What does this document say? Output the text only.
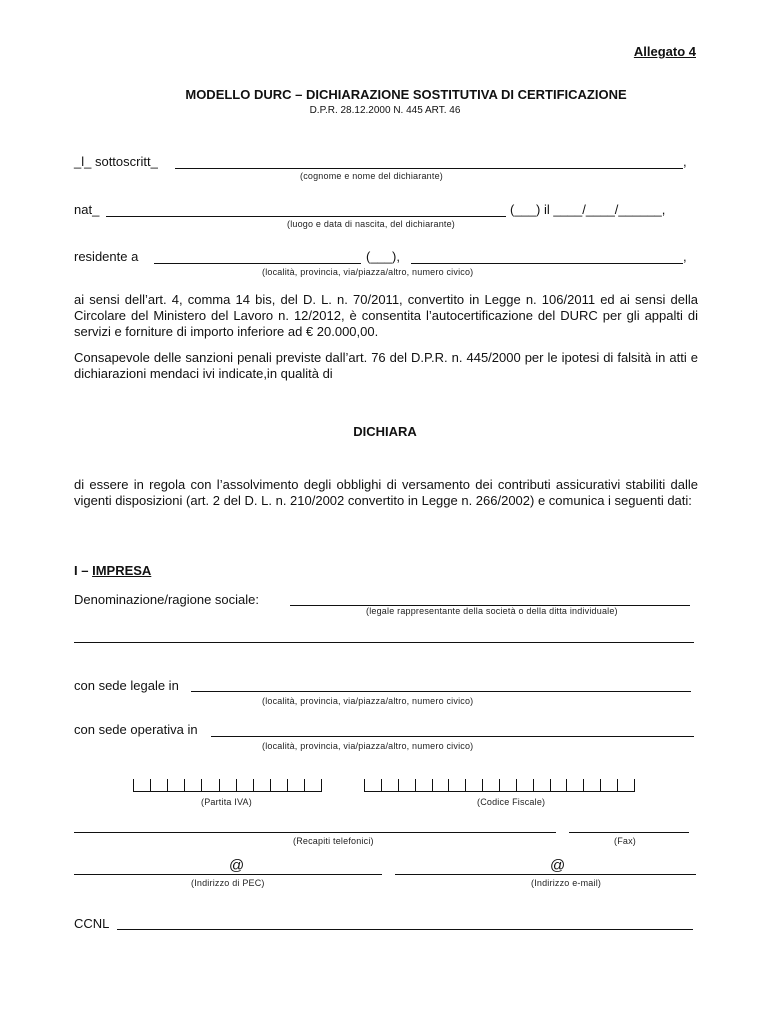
Allegato 4
MODELLO DURC – DICHIARAZIONE SOSTITUTIVA DI CERTIFICAZIONE
D.P.R. 28.12.2000 N. 445 ART. 46
_l_ sottoscritt_	,
(cognome e nome del dichiarante)
nat_	(___) il ____/____/______,
(luogo e data di nascita, del dichiarante)
residente a	(___),	,
(località, provincia, via/piazza/altro, numero civico)
ai sensi dell’art. 4, comma 14 bis, del D. L. n. 70/2011, convertito in Legge n. 106/2011 ed ai sensi della Circolare del Ministero del Lavoro n. 12/2012, è consentita l’autocertificazione del DURC per gli appalti di servizi e forniture di importo inferiore ad € 20.000,00.
Consapevole delle sanzioni penali previste dall’art. 76 del D.P.R. n. 445/2000 per le ipotesi di falsità in atti e dichiarazioni mendaci ivi indicate,in qualità di
DICHIARA
di essere in regola con l’assolvimento degli obblighi di versamento dei contributi assicurativi stabiliti dalle vigenti disposizioni (art. 2 del D. L. n. 210/2002 convertito in Legge n. 266/2002) e comunica i seguenti dati:
I – IMPRESA
Denominazione/ragione sociale:
(legale rappresentante della società o della ditta individuale)
con sede legale in
(località, provincia, via/piazza/altro, numero civico)
con sede operativa in
(località, provincia, via/piazza/altro, numero civico)
(Partita IVA)	(Codice Fiscale)
(Recapiti telefonici)	(Fax)
@
(Indirizzo di PEC)
@
(Indirizzo e-mail)
CCNL
